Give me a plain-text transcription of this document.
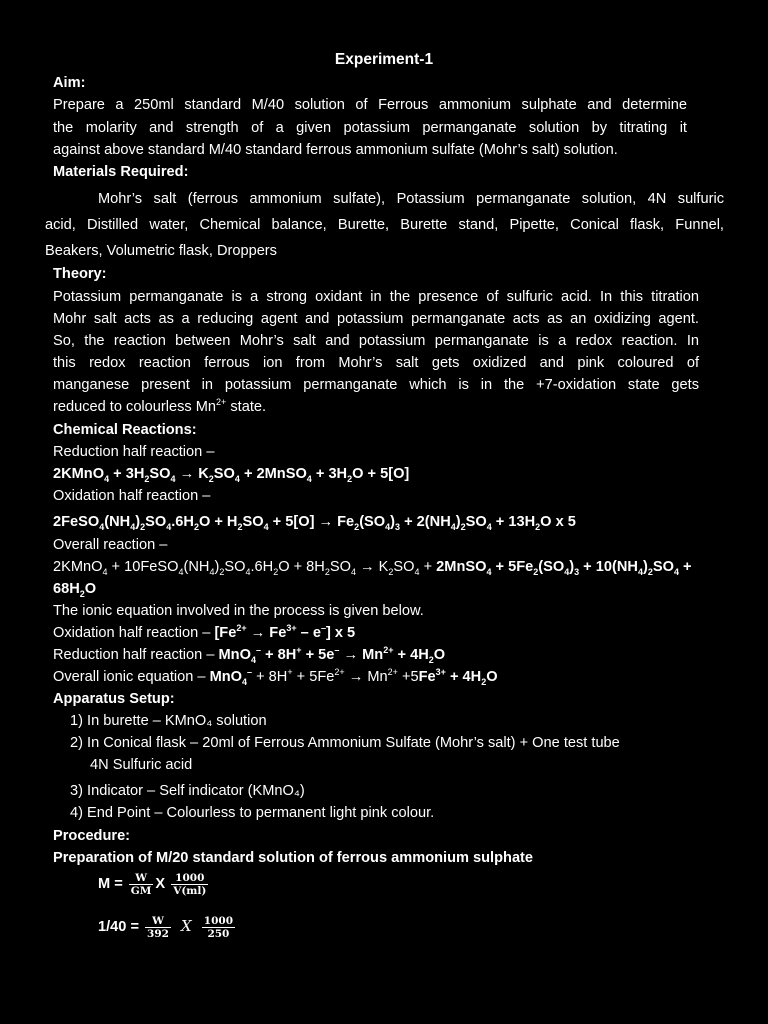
Experiment-1
Aim:
Prepare a 250ml standard M/40 solution of Ferrous ammonium sulphate and determine
the molarity and strength of a given potassium permanganate solution by titrating it
against above standard M/40 standard ferrous ammonium sulfate (Mohr’s salt) solution.
Materials Required:
Mohr’s salt (ferrous ammonium sulfate), Potassium permanganate solution, 4N sulfuric
acid, Distilled water, Chemical balance, Burette, Burette stand, Pipette, Conical flask, Funnel,
Beakers, Volumetric flask, Droppers
Theory:
Potassium permanganate is a strong oxidant in the presence of sulfuric acid. In this titration
Mohr salt acts as a reducing agent and potassium permanganate acts as an oxidizing agent.
So, the reaction between Mohr’s salt and potassium permanganate is a redox reaction. In
this redox reaction ferrous ion from Mohr’s salt gets oxidized and pink coloured of
manganese present in potassium permanganate which is in the +7-oxidation state gets
reduced to colourless $Mn^{2+}$ state.
Chemical Reactions:
Reduction half reaction –
2KMnO$_4$ + $3H_2SO_4 \to K_2SO_4$ + 2MnSO$_4$ + $3H_2O + 5[O]$
Oxidation half reaction –
$2FeSO_4(NH_4)_2SO_4.6H_2O + H_2SO_4 + 5[O] \to Fe_2(SO_4)_3 + 2(NH_4)_2SO_4 + 13H_2O$ x 5
Overall reaction –
2KMnO$_4$ + $10FeSO_4(NH_4)_2SO_4.6H_2O + 8H_2SO_4 \to K_2SO_4$ + 2MnSO$_4$ + $5Fe_2(SO_4)_3 + 10(NH_4)_2SO_4$ +
$68H_2O$
The ionic equation involved in the process is given below.
Oxidation half reaction – $[Fe^{2+} \to Fe^{3+} - e^-]$ x 5
Reduction half reaction – $MnO_4^- + 8H^+ + 5e^- \to Mn^{2+} + 4H_2O$
Overall ionic equation – $MnO_4^- + 8H^+ + 5Fe^{2+} \to Mn^{2+} +5Fe^{3+} + 4H_2O$
Apparatus Setup:
1) In burette – KMnO₄ solution
2) In Conical flask – 20ml of Ferrous Ammonium Sulfate (Mohr’s salt) + One test tube
4N Sulfuric acid
3) Indicator – Self indicator (KMnO₄)
4) End Point – Colourless to permanent light pink colour.
Procedure:
Preparation of M/20 standard solution of ferrous ammonium sulphate
$M = \frac{W}{GM}$ X $\frac{1000}{V(ml)}$
$1/40 = \frac{W}{392}$ X $\frac{1000}{250}$
